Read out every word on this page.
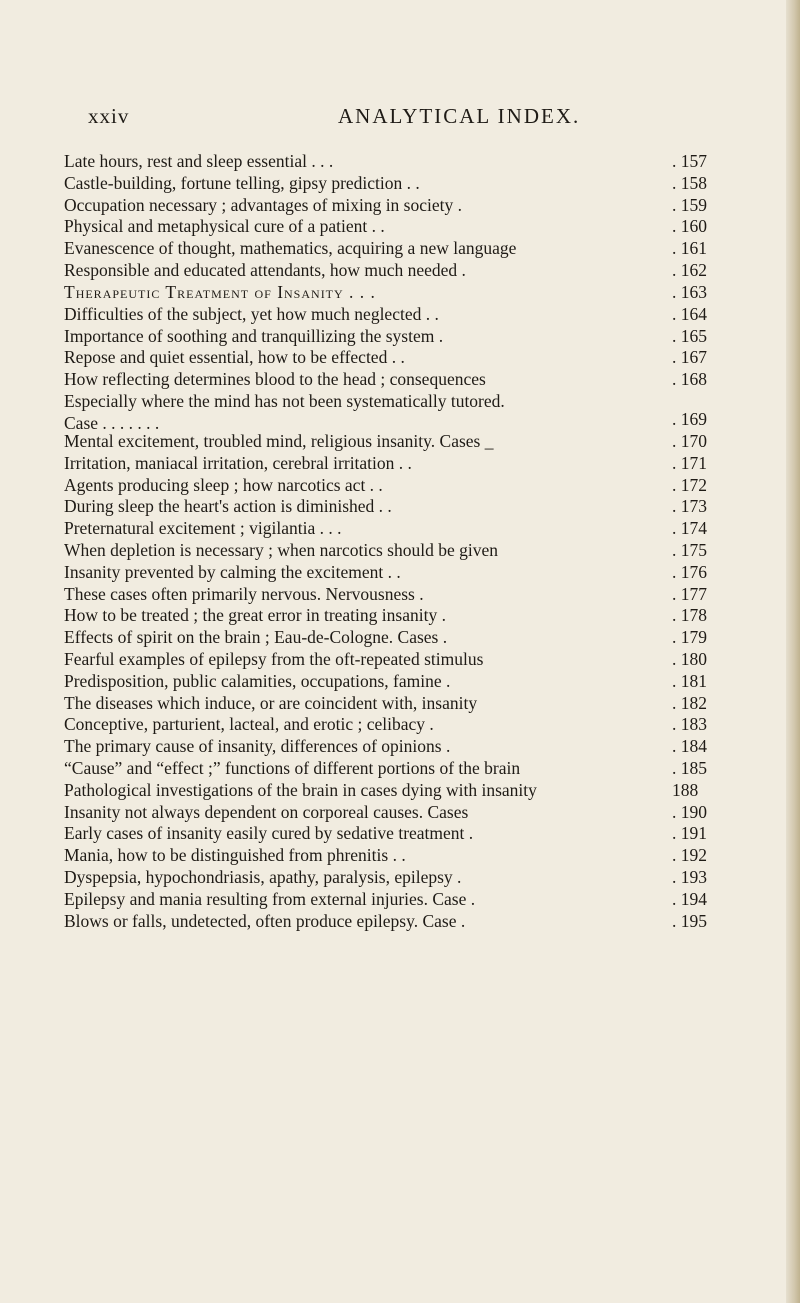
xxiv	ANALYTICAL INDEX.
Late hours, rest and sleep essential . . .	. 157
Castle-building, fortune telling, gipsy prediction . .	. 158
Occupation necessary ; advantages of mixing in society .	. 159
Physical and metaphysical cure of a patient . .	. 160
Evanescence of thought, mathematics, acquiring a new language	. 161
Responsible and educated attendants, how much needed .	. 162
Therapeutic Treatment of Insanity . . .	. 163
Difficulties of the subject, yet how much neglected . .	. 164
Importance of soothing and tranquillizing the system .	. 165
Repose and quiet essential, how to be effected . .	. 167
How reflecting determines blood to the head ; consequences	. 168
Especially where the mind has not been systematically tutored.
Case . . . . . . .	. 169
Mental excitement, troubled mind, religious insanity. Cases _	. 170
Irritation, maniacal irritation, cerebral irritation . .	. 171
Agents producing sleep ; how narcotics act . .	. 172
During sleep the heart's action is diminished . .	. 173
Preternatural excitement ; vigilantia . . .	. 174
When depletion is necessary ; when narcotics should be given	. 175
Insanity prevented by calming the excitement . .	. 176
These cases often primarily nervous. Nervousness .	. 177
How to be treated ; the great error in treating insanity .	. 178
Effects of spirit on the brain ; Eau-de-Cologne. Cases .	. 179
Fearful examples of epilepsy from the oft-repeated stimulus	. 180
Predisposition, public calamities, occupations, famine .	. 181
The diseases which induce, or are coincident with, insanity	. 182
Conceptive, parturient, lacteal, and erotic ; celibacy .	. 183
The primary cause of insanity, differences of opinions .	. 184
“Cause” and “effect ;” functions of different portions of the brain	. 185
Pathological investigations of the brain in cases dying with insanity	188
Insanity not always dependent on corporeal causes. Cases	. 190
Early cases of insanity easily cured by sedative treatment .	. 191
Mania, how to be distinguished from phrenitis . .	. 192
Dyspepsia, hypochondriasis, apathy, paralysis, epilepsy .	. 193
Epilepsy and mania resulting from external injuries. Case .	. 194
Blows or falls, undetected, often produce epilepsy. Case .	. 195
